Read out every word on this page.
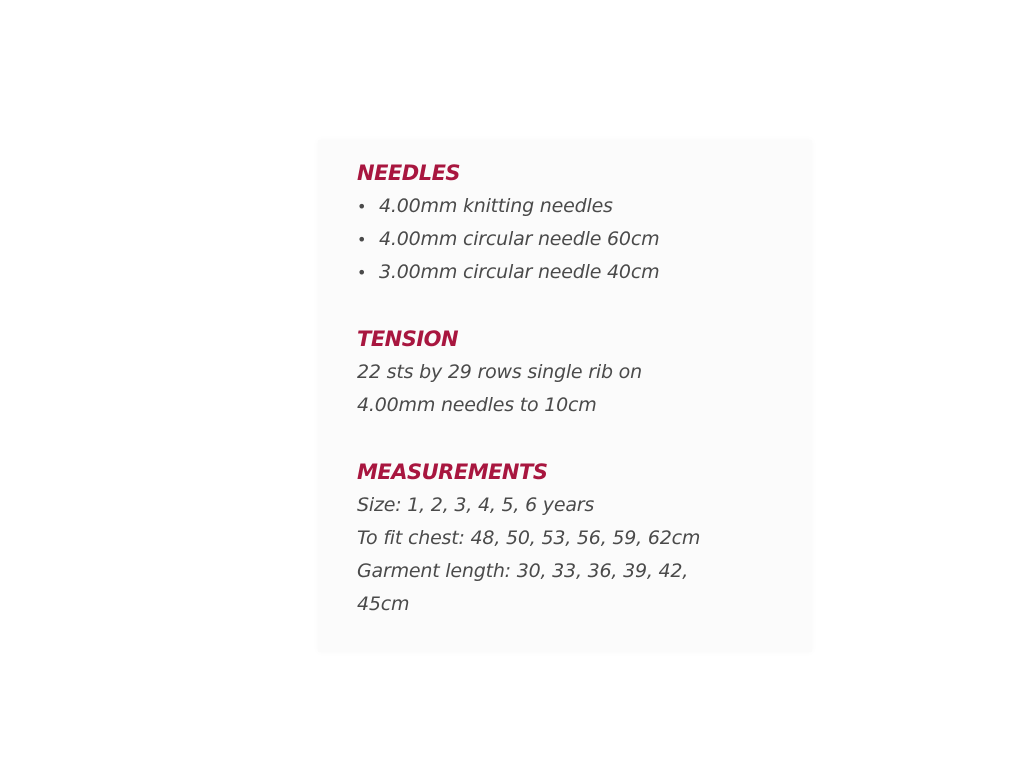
NEEDLES
• 4.00mm knitting needles
• 4.00mm circular needle 60cm
• 3.00mm circular needle 40cm
TENSION

22 sts by 29 rows single rib on

4.00mm needles to 10cm

MEASUREMENTS

Size: 1, 2, 3, 4, 5, 6 years

To fit chest: 48, 50, 53, 56, 59, 62cm

Garment length: 30, 33, 36, 39, 42,

45cm
